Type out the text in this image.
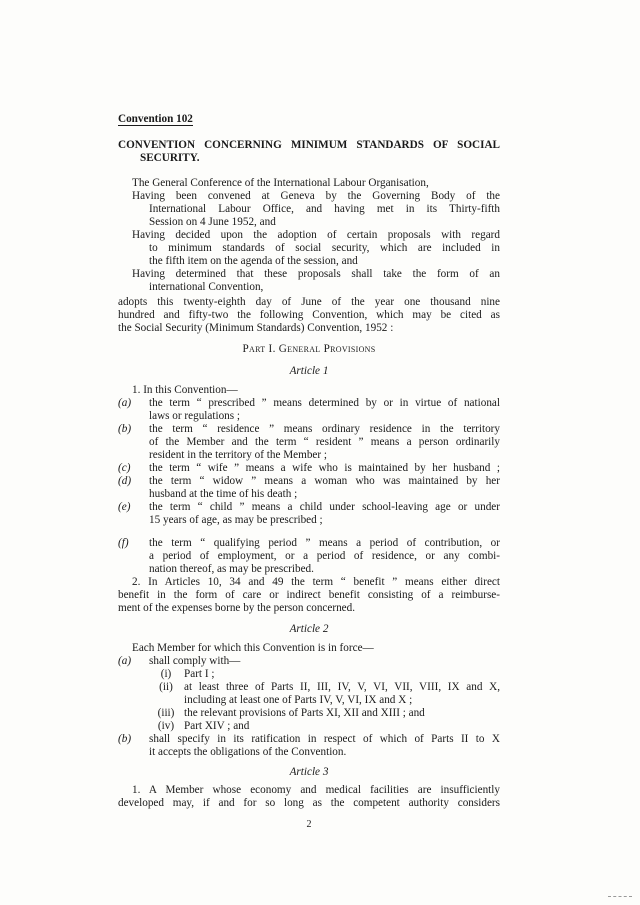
Convention 102
CONVENTION CONCERNING MINIMUM STANDARDS OF SOCIAL
SECURITY.
The General Conference of the International Labour Organisation,
Having been convened at Geneva by the Governing Body of the
International Labour Office, and having met in its Thirty-fifth
Session on 4 June 1952, and
Having decided upon the adoption of certain proposals with regard
to minimum standards of social security, which are included in
the fifth item on the agenda of the session, and
Having determined that these proposals shall take the form of an
international Convention,
adopts this twenty-eighth day of June of the year one thousand nine
hundred and fifty-two the following Convention, which may be cited as
the Social Security (Minimum Standards) Convention, 1952 :
Part I. General Provisions
Article 1
1. In this Convention—
(a) the term “ prescribed ” means determined by or in virtue of national
laws or regulations ;
(b) the term “ residence ” means ordinary residence in the territory
of the Member and the term “ resident ” means a person ordinarily
resident in the territory of the Member ;
(c) the term “ wife ” means a wife who is maintained by her husband ;
(d) the term “ widow ” means a woman who was maintained by her
husband at the time of his death ;
(e) the term “ child ” means a child under school-leaving age or under
15 years of age, as may be prescribed ;
(f) the term “ qualifying period ” means a period of contribution, or
a period of employment, or a period of residence, or any combi-
nation thereof, as may be prescribed.
2. In Articles 10, 34 and 49 the term “ benefit ” means either direct
benefit in the form of care or indirect benefit consisting of a reimburse-
ment of the expenses borne by the person concerned.
Article 2
Each Member for which this Convention is in force—
(a) shall comply with—
(i)	Part I ;
(ii) at least three of Parts II, III, IV, V, VI, VII, VIII, IX and X,
including at least one of Parts IV, V, VI, IX and X ;
(iii) the relevant provisions of Parts XI, XII and XIII ; and
(iv) Part XIV ; and
(b) shall specify in its ratification in respect of which of Parts II to X
it accepts the obligations of the Convention.
Article 3
1. A Member whose economy and medical facilities are insufficiently
developed may, if and for so long as the competent authority considers
2
